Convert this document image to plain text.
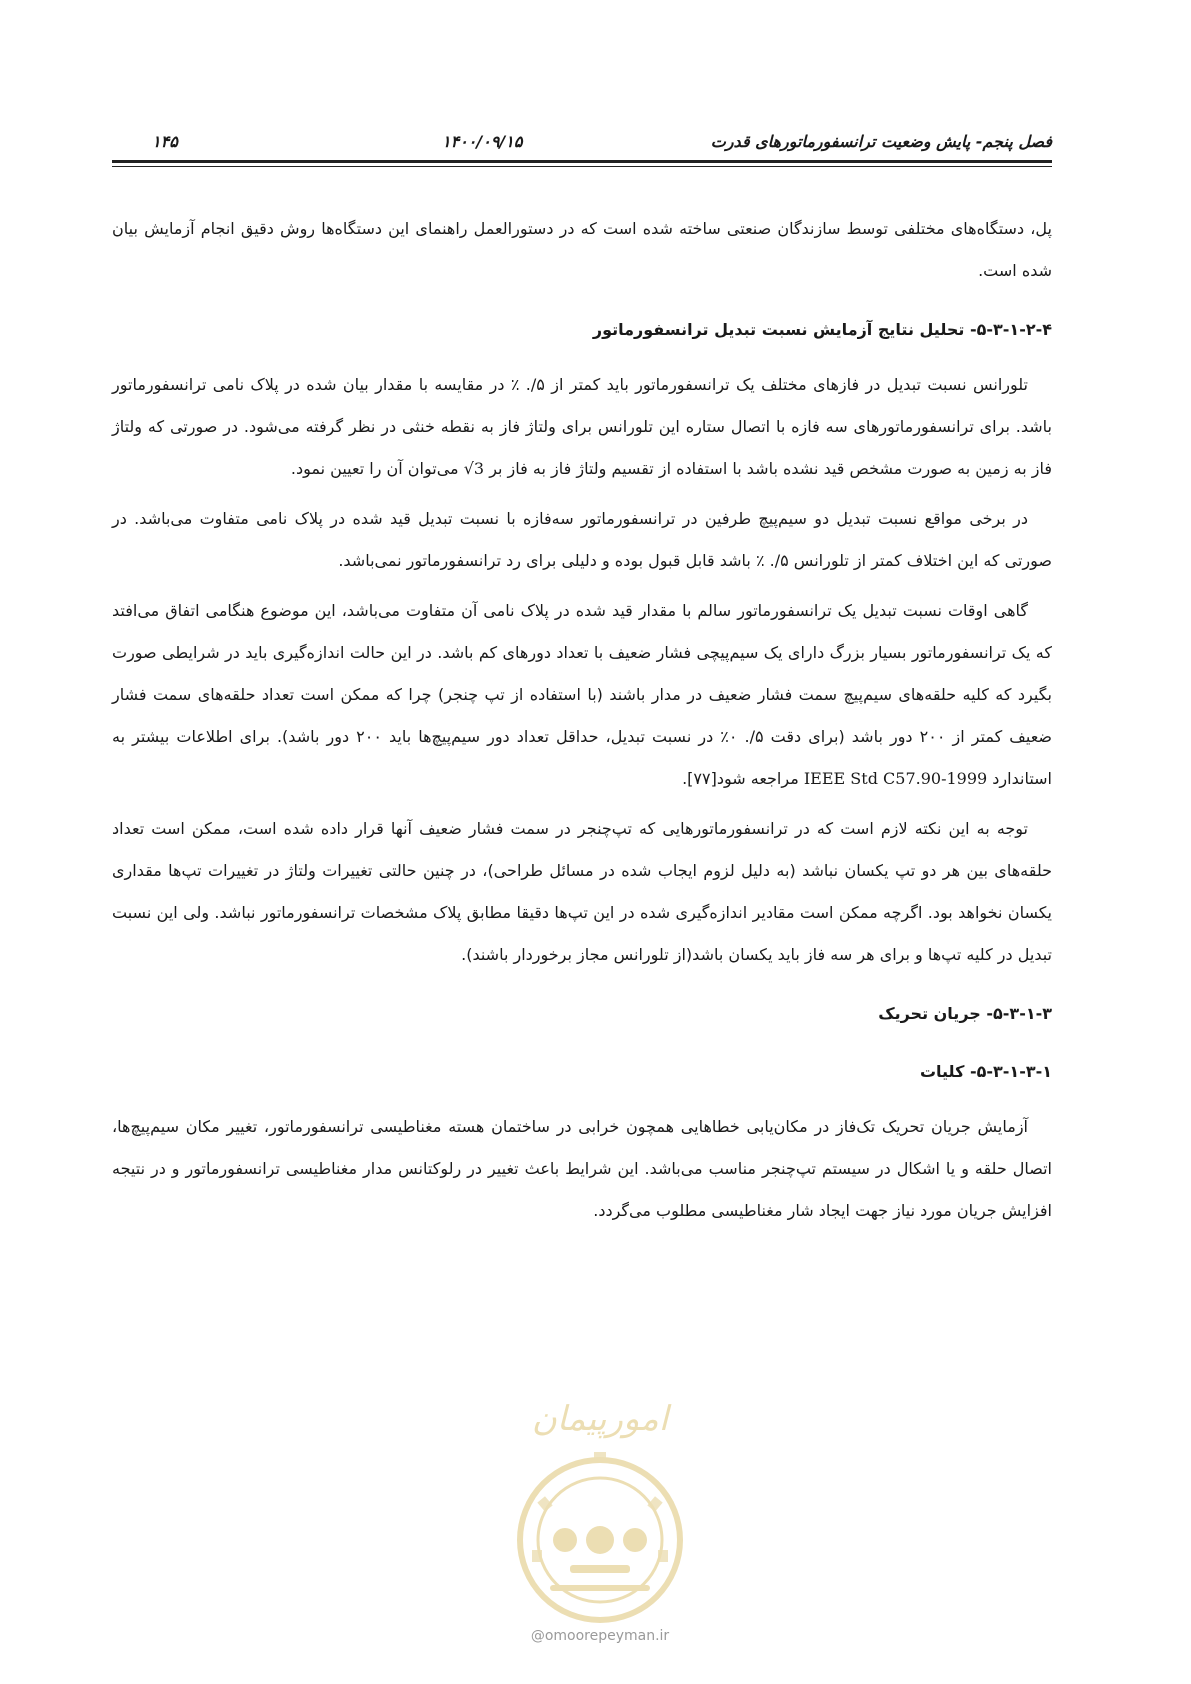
فصل پنجم- پایش وضعیت ترانسفورماتورهای قدرت
۱۴۰۰/۰۹/۱۵
۱۴۵

پل، دستگاه‌های مختلفی توسط سازندگان صنعتی ساخته شده است که در دستورالعمل راهنمای این دستگاه‌ها روش دقیق انجام آزمایش بیان شده است.

۵-۳-۱-۲-۴- تحلیل نتایج آزمایش نسبت تبدیل ترانسفورماتور

تلورانس نسبت تبدیل در فازهای مختلف یک ترانسفورماتور باید کمتر از ۵/. ٪ در مقایسه با مقدار بیان شده در پلاک نامی ترانسفورماتور باشد. برای ترانسفورماتورهای سه فازه با اتصال ستاره این تلورانس برای ولتاژ فاز به نقطه خنثی در نظر گرفته می‌شود. در صورتی که ولتاژ فاز به زمین به صورت مشخص قید نشده باشد با استفاده از تقسیم ولتاژ فاز به فاز بر √3 می‌توان آن را تعیین نمود.

در برخی مواقع نسبت تبدیل دو سیم‌پیچ طرفین در ترانسفورماتور سه‌فازه با نسبت تبدیل قید شده در پلاک نامی متفاوت می‌باشد. در صورتی که این اختلاف کمتر از تلورانس ۵/. ٪ باشد قابل قبول بوده و دلیلی برای رد ترانسفورماتور نمی‌باشد.

گاهی اوقات نسبت تبدیل یک ترانسفورماتور سالم با مقدار قید شده در پلاک نامی آن متفاوت می‌باشد، این موضوع هنگامی اتفاق می‌افتد که یک ترانسفورماتور بسیار بزرگ دارای یک سیم‌پیچی فشار ضعیف با تعداد دورهای کم باشد. در این حالت اندازه‌گیری باید در شرایطی صورت بگیرد که کلیه حلقه‌های سیم‌پیچ سمت فشار ضعیف در مدار باشند (با استفاده از تپ چنجر) چرا که ممکن است تعداد حلقه‌های سمت فشار ضعیف کمتر از ۲۰۰ دور باشد (برای دقت ۵/. ۰٪ در نسبت تبدیل، حداقل تعداد دور سیم‌پیچ‌ها باید ۲۰۰ دور باشد). برای اطلاعات بیشتر به استاندارد IEEE Std C57.90-1999 مراجعه شود[۷۷].

توجه به این نکته لازم است که در ترانسفورماتورهایی که تپ‌چنجر در سمت فشار ضعیف آنها قرار داده شده است، ممکن است تعداد حلقه‌های بین هر دو تپ یکسان نباشد (به دلیل لزوم ایجاب شده در مسائل طراحی)، در چنین حالتی تغییرات ولتاژ در تغییرات تپ‌ها مقداری یکسان نخواهد بود. اگرچه ممکن است مقادیر اندازه‌گیری شده در این تپ‌ها دقیقا مطابق پلاک مشخصات ترانسفورماتور نباشد. ولی این نسبت تبدیل در کلیه تپ‌ها و برای هر سه فاز باید یکسان باشد(از تلورانس مجاز برخوردار باشند).

۵-۳-۱-۳- جریان تحریک
۵-۳-۱-۳-۱- کلیات

آزمایش جریان تحریک تک‌فاز در مکان‌یابی خطاهایی همچون خرابی در ساختمان هسته مغناطیسی ترانسفورماتور، تغییر مکان سیم‌پیچ‌ها، اتصال حلقه و یا اشکال در سیستم تپ‌چنجر مناسب می‌باشد. این شرایط باعث تغییر در رلوکتانس مدار مغناطیسی ترانسفورماتور و در نتیجه افزایش جریان مورد نیاز جهت ایجاد شار مغناطیسی مطلوب می‌گردد.

امورپیمان
@omoorepeyman.ir
